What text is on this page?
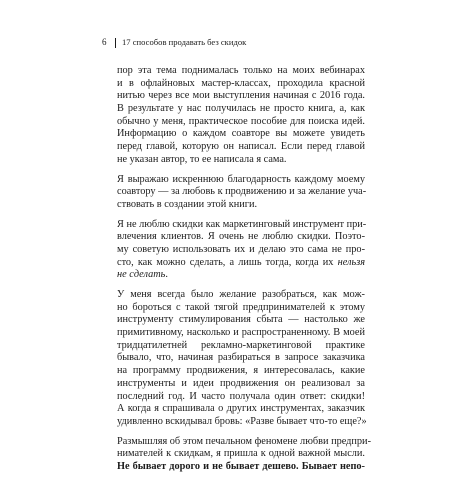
6	17 способов продавать без скидок
пор эта тема поднималась только на моих вебинарах
и в офлайновых мастер-классах, проходила красной
нитью через все мои выступления начиная с 2016 года.
В результате у нас получилась не просто книга, а, как
обычно у меня, практическое пособие для поиска идей.
Информацию о каждом соавторе вы можете увидеть
перед главой, которую он написал. Если перед главой
не указан автор, то ее написала я сама.
Я выражаю искреннюю благодарность каждому моему
соавтору — за любовь к продвижению и за желание уча-
ствовать в создании этой книги.
Я не люблю скидки как маркетинговый инструмент при-
влечения клиентов. Я очень не люблю скидки. Поэто-
му советую использовать их и делаю это сама не про-
сто, как можно сделать, а лишь тогда, когда их нельзя
не сделать.
У меня всегда было желание разобраться, как мож-
но бороться с такой тягой предпринимателей к этому
инструменту стимулирования сбыта — настолько же
примитивному, насколько и распространенному. В моей
тридцатилетней рекламно-маркетинговой практике
бывало, что, начиная разбираться в запросе заказчика
на программу продвижения, я интересовалась, какие
инструменты и идеи продвижения он реализовал за
последний год. И часто получала один ответ: скидки!
А когда я спрашивала о других инструментах, заказчик
удивленно вскидывал бровь: «Разве бывает что-то еще?»
Размышляя об этом печальном феномене любви предпри-
нимателей к скидкам, я пришла к одной важной мысли.
Не бывает дорого и не бывает дешево. Бывает непо-
